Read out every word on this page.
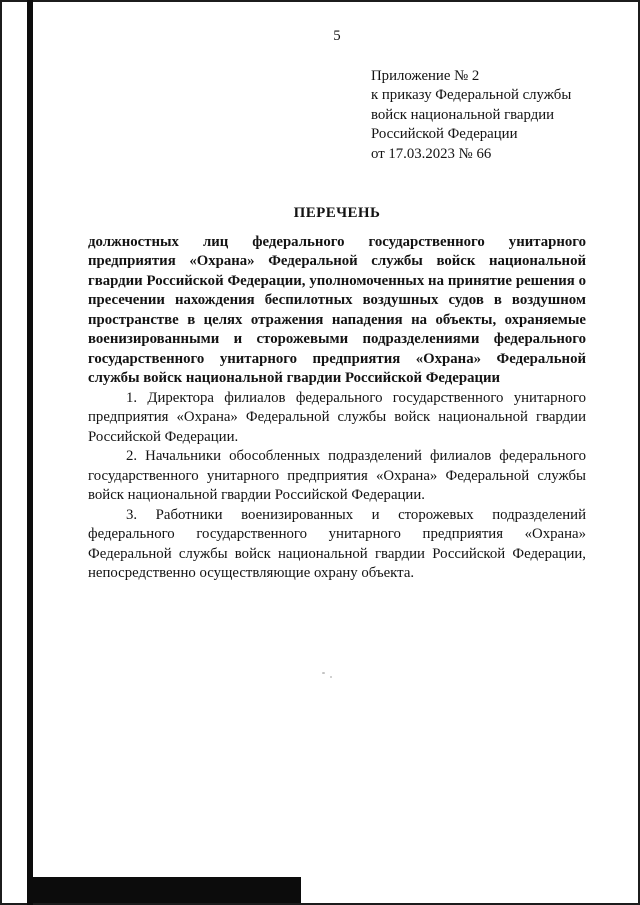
5
Приложение № 2
к приказу Федеральной службы
войск национальной гвардии
Российской Федерации
от 17.03.2023 № 66
ПЕРЕЧЕНЬ

должностных лиц федерального государственного унитарного предприятия «Охрана» Федеральной службы войск национальной гвардии Российской Федерации, уполномоченных на принятие решения о пресечении нахождения беспилотных воздушных судов в воздушном пространстве в целях отражения нападения на объекты, охраняемые военизированными и сторожевыми подразделениями федерального государственного унитарного предприятия «Охрана» Федеральной службы войск национальной гвардии Российской Федерации

1. Директора филиалов федерального государственного унитарного предприятия «Охрана» Федеральной службы войск национальной гвардии Российской Федерации.

2. Начальники обособленных подразделений филиалов федерального государственного унитарного предприятия «Охрана» Федеральной службы войск национальной гвардии Российской Федерации.

3. Работники военизированных и сторожевых подразделений федерального государственного унитарного предприятия «Охрана» Федеральной службы войск национальной гвардии Российской Федерации, непосредственно осуществляющие охрану объекта.
